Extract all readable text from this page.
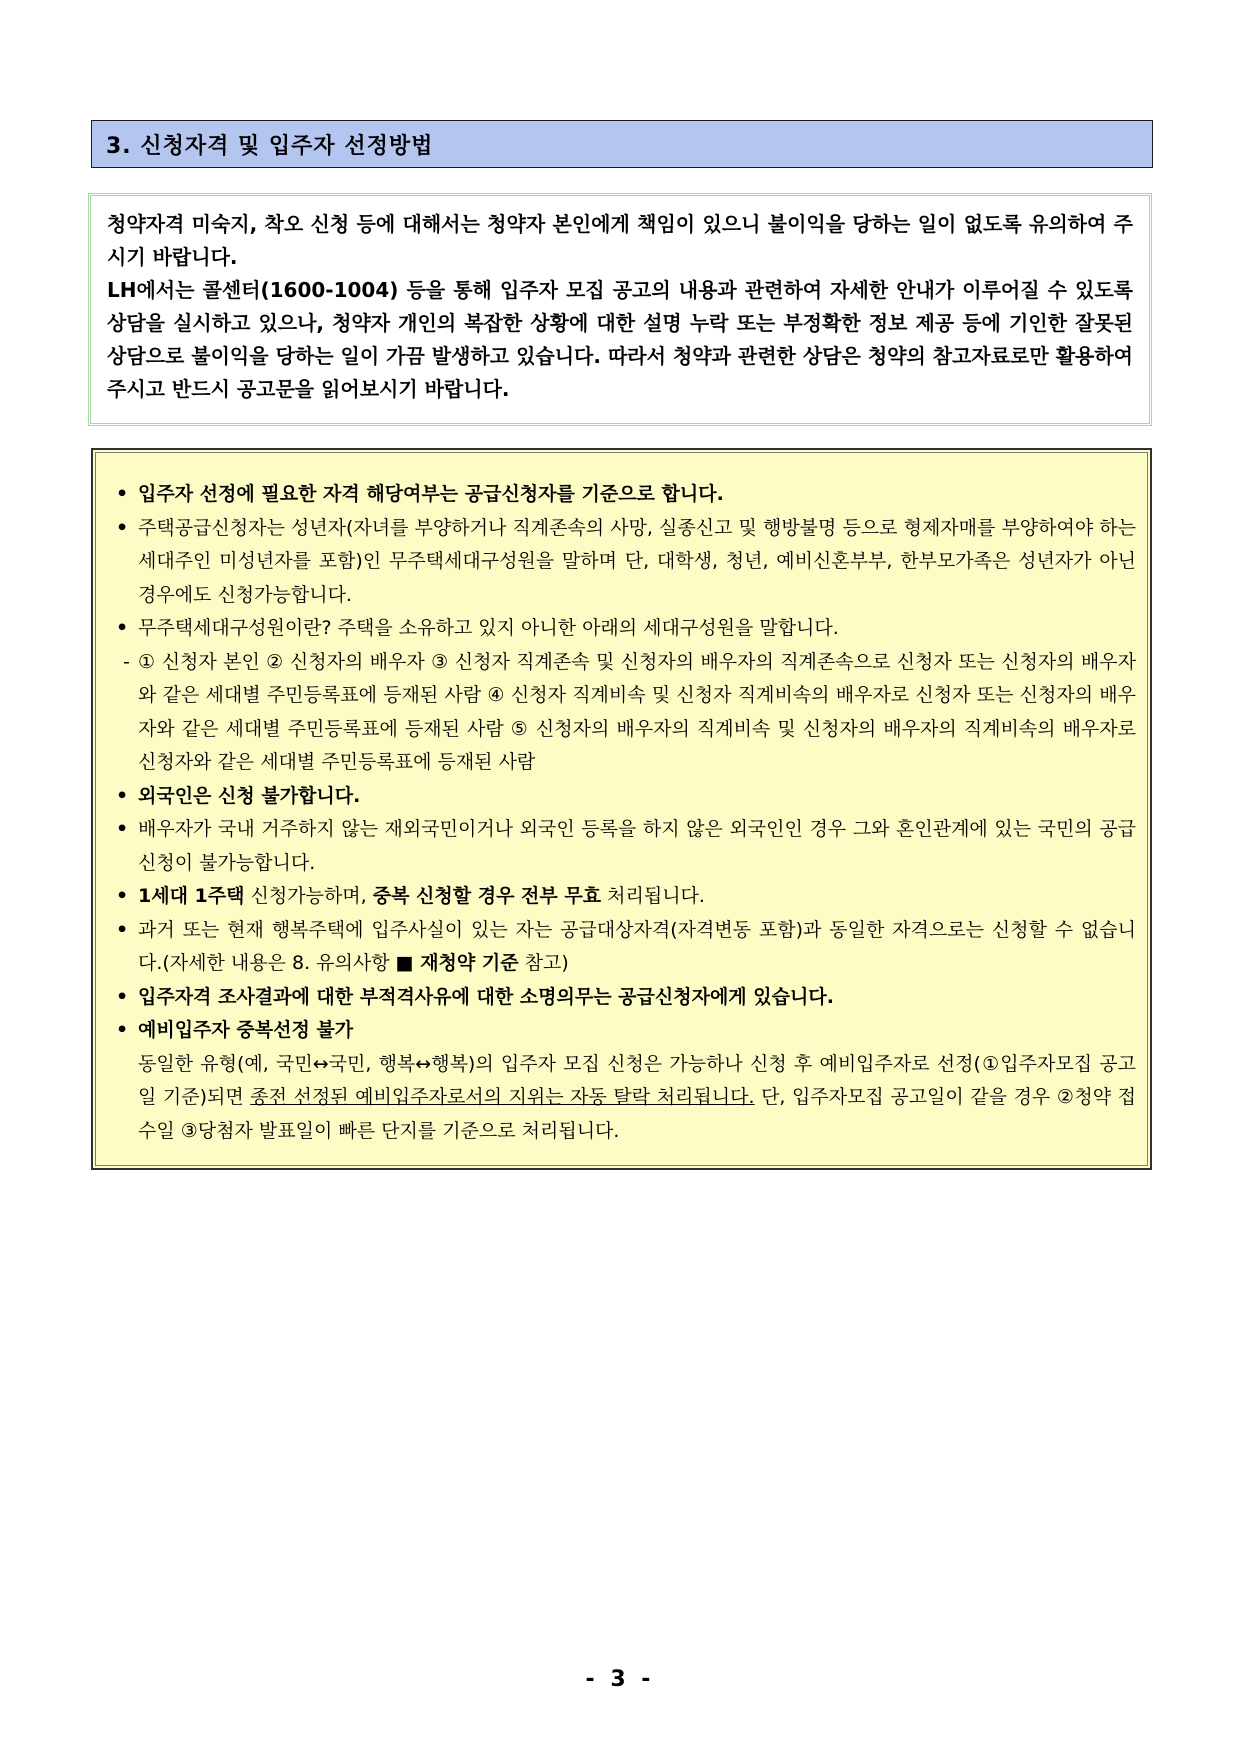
3. 신청자격 및 입주자 선정방법

청약자격 미숙지, 착오 신청 등에 대해서는 청약자 본인에게 책임이 있으니 불이익을 당하는 일이 없도록 유의하여 주시기 바랍니다.

LH에서는 콜센터(1600-1004) 등을 통해 입주자 모집 공고의 내용과 관련하여 자세한 안내가 이루어질 수 있도록 상담을 실시하고 있으나, 청약자 개인의 복잡한 상황에 대한 설명 누락 또는 부정확한 정보 제공 등에 기인한 잘못된 상담으로 불이익을 당하는 일이 가끔 발생하고 있습니다. 따라서 청약과 관련한 상담은 청약의 참고자료로만 활용하여 주시고 반드시 공고문을 읽어보시기 바랍니다.

• 입주자 선정에 필요한 자격 해당여부는 공급신청자를 기준으로 합니다.
• 주택공급신청자는 성년자(자녀를 부양하거나 직계존속의 사망, 실종신고 및 행방불명 등으로 형제자매를 부양하여야 하는 세대주인 미성년자를 포함)인 무주택세대구성원을 말하며 단, 대학생, 청년, 예비신혼부부, 한부모가족은 성년자가 아닌 경우에도 신청가능합니다.
• 무주택세대구성원이란? 주택을 소유하고 있지 아니한 아래의 세대구성원을 말합니다.
- ① 신청자 본인 ② 신청자의 배우자 ③ 신청자 직계존속 및 신청자의 배우자의 직계존속으로 신청자 또는 신청자의 배우자와 같은 세대별 주민등록표에 등재된 사람 ④ 신청자 직계비속 및 신청자 직계비속의 배우자로 신청자 또는 신청자의 배우자와 같은 세대별 주민등록표에 등재된 사람 ⑤ 신청자의 배우자의 직계비속 및 신청자의 배우자의 직계비속의 배우자로 신청자와 같은 세대별 주민등록표에 등재된 사람
• 외국인은 신청 불가합니다.
• 배우자가 국내 거주하지 않는 재외국민이거나 외국인 등록을 하지 않은 외국인인 경우 그와 혼인관계에 있는 국민의 공급 신청이 불가능합니다.
• 1세대 1주택 신청가능하며, 중복 신청할 경우 전부 무효 처리됩니다.
• 과거 또는 현재 행복주택에 입주사실이 있는 자는 공급대상자격(자격변동 포함)과 동일한 자격으로는 신청할 수 없습니다.(자세한 내용은 8. 유의사항 ■ 재청약 기준 참고)
• 입주자격 조사결과에 대한 부적격사유에 대한 소명의무는 공급신청자에게 있습니다.
• 예비입주자 중복선정 불가
동일한 유형(예, 국민↔국민, 행복↔행복)의 입주자 모집 신청은 가능하나 신청 후 예비입주자로 선정(①입주자모집 공고일 기준)되면 종전 선정된 예비입주자로서의 지위는 자동 탈락 처리됩니다. 단, 입주자모집 공고일이 같을 경우 ②청약 접수일 ③당첨자 발표일이 빠른 단지를 기준으로 처리됩니다.
- 3 -
